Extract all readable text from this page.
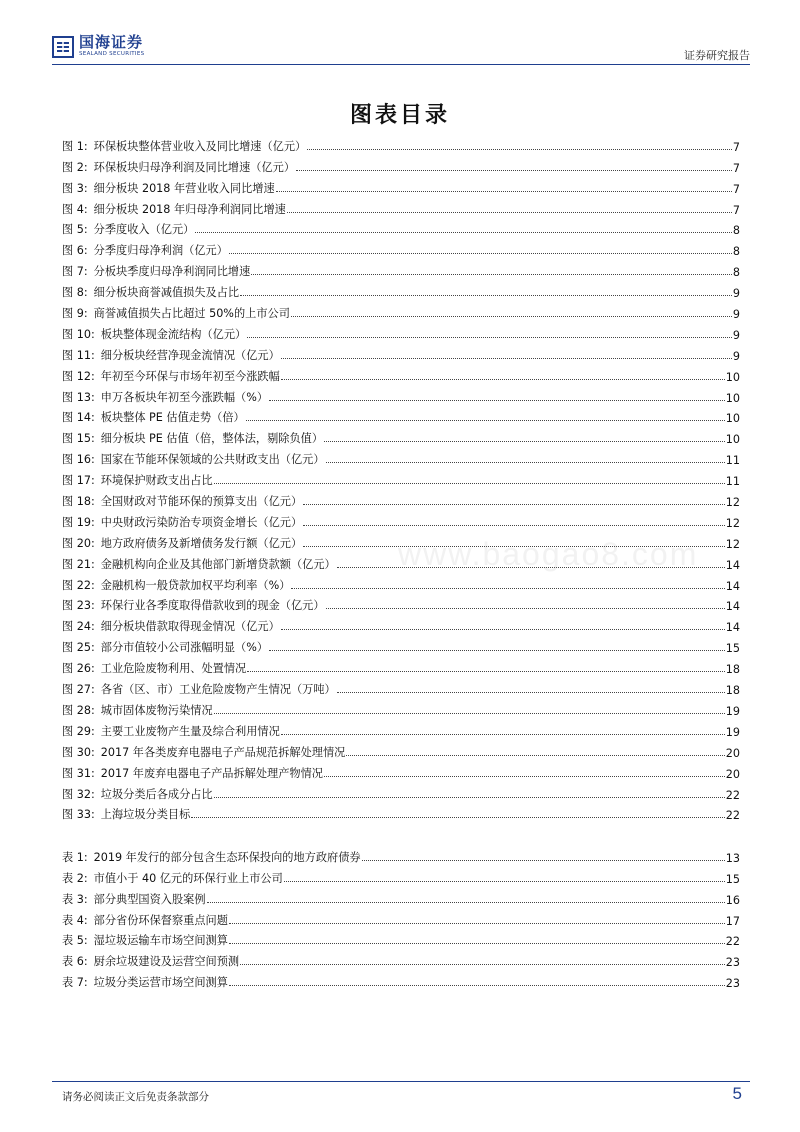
国海证券
SEALAND SECURITIES	证券研究报告
图表目录
图 1: 环保板块整体营业收入及同比增速（亿元）	7
图 2: 环保板块归母净利润及同比增速（亿元）	7
图 3: 细分板块 2018 年营业收入同比增速	7
图 4: 细分板块 2018 年归母净利润同比增速	7
图 5: 分季度收入（亿元）	8
图 6: 分季度归母净利润（亿元）	8
图 7: 分板块季度归母净利润同比增速	8
图 8: 细分板块商誉减值损失及占比	9
图 9: 商誉减值损失占比超过 50%的上市公司	9
图 10: 板块整体现金流结构（亿元）	9
图 11: 细分板块经营净现金流情况（亿元）	9
图 12: 年初至今环保与市场年初至今涨跌幅	10
图 13: 申万各板块年初至今涨跌幅（%）	10
图 14: 板块整体 PE 估值走势（倍）	10
图 15: 细分板块 PE 估值（倍，整体法，剔除负值）	10
图 16: 国家在节能环保领域的公共财政支出（亿元）	11
图 17: 环境保护财政支出占比	11
图 18: 全国财政对节能环保的预算支出（亿元）	12
图 19: 中央财政污染防治专项资金增长（亿元）	12
图 20: 地方政府债务及新增债务发行额（亿元）	12
图 21: 金融机构向企业及其他部门新增贷款额（亿元）	14
图 22: 金融机构一般贷款加权平均利率（%）	14
图 23: 环保行业各季度取得借款收到的现金（亿元）	14
图 24: 细分板块借款取得现金情况（亿元）	14
图 25: 部分市值较小公司涨幅明显（%）	15
图 26: 工业危险废物利用、处置情况	18
图 27: 各省（区、市）工业危险废物产生情况（万吨）	18
图 28: 城市固体废物污染情况	19
图 29: 主要工业废物产生量及综合利用情况	19
图 30: 2017 年各类废弃电器电子产品规范拆解处理情况	20
图 31: 2017 年废弃电器电子产品拆解处理产物情况	20
图 32: 垃圾分类后各成分占比	22
图 33: 上海垃圾分类目标	22
表 1: 2019 年发行的部分包含生态环保投向的地方政府债券	13
表 2: 市值小于 40 亿元的环保行业上市公司	15
表 3: 部分典型国资入股案例	16
表 4: 部分省份环保督察重点问题	17
表 5: 湿垃圾运输车市场空间测算	22
表 6: 厨余垃圾建设及运营空间预测	23
表 7: 垃圾分类运营市场空间测算	23
www.baogao8.com
请务必阅读正文后免责条款部分	5
